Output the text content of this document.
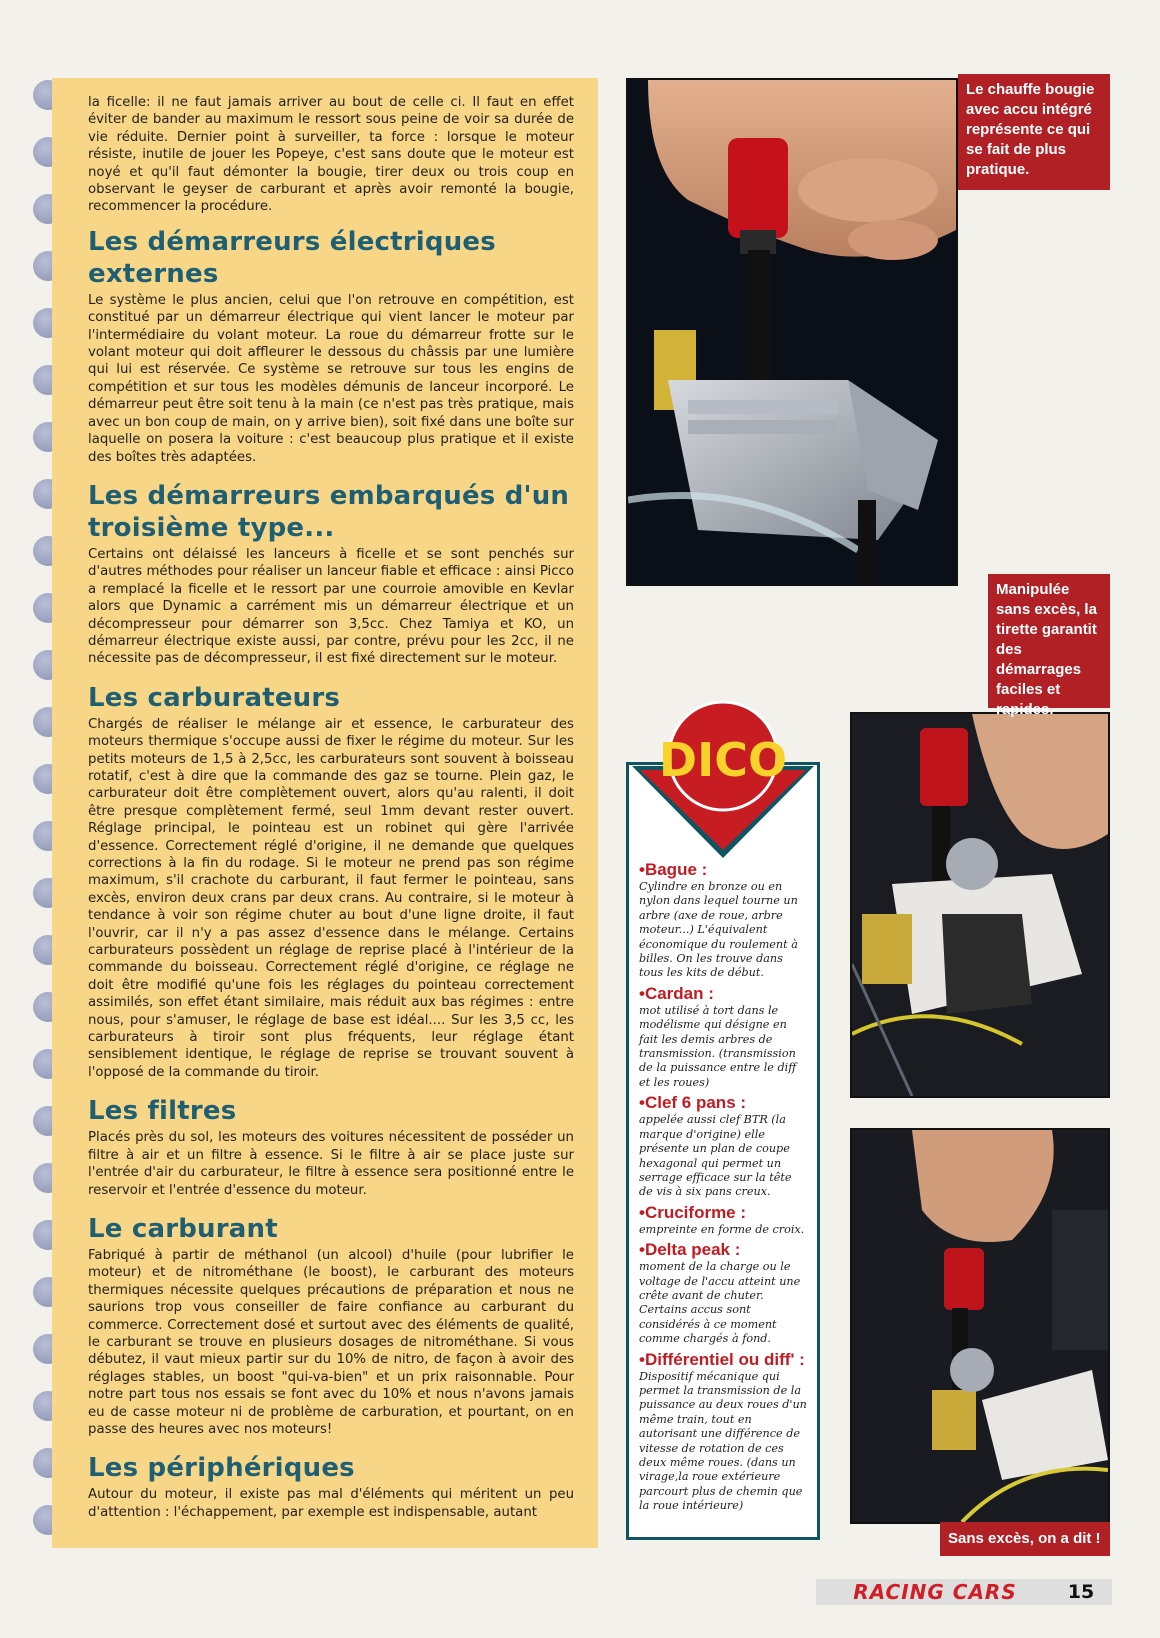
la ficelle: il ne faut jamais arriver au bout de celle ci. Il faut en effet éviter de bander au maximum le ressort sous peine de voir sa durée de vie réduite. Dernier point à surveiller, ta force : lorsque le moteur résiste, inutile de jouer les Popeye, c'est sans doute que le moteur est noyé et qu'il faut démonter la bougie, tirer deux ou trois coup en observant le geyser de carburant et après avoir remonté la bougie, recommencer la procédure.

Les démarreurs électriques externes

Le système le plus ancien, celui que l'on retrouve en compétition, est constitué par un démarreur électrique qui vient lancer le moteur par l'intermédiaire du volant moteur. La roue du démarreur frotte sur le volant moteur qui doit affleurer le dessous du châssis par une lumière qui lui est réservée. Ce système se retrouve sur tous les engins de compétition et sur tous les modèles démunis de lanceur incorporé. Le démarreur peut être soit tenu à la main (ce n'est pas très pratique, mais avec un bon coup de main, on y arrive bien), soit fixé dans une boîte sur laquelle on posera la voiture : c'est beaucoup plus pratique et il existe des boîtes très adaptées.

Les démarreurs embarqués d'un troisième type...

Certains ont délaissé les lanceurs à ficelle et se sont penchés sur d'autres méthodes pour réaliser un lanceur fiable et efficace : ainsi Picco a remplacé la ficelle et le ressort par une courroie amovible en Kevlar alors que Dynamic a carrément mis un démarreur électrique et un décompresseur pour démarrer son 3,5cc. Chez Tamiya et KO, un démarreur électrique existe aussi, par contre, prévu pour les 2cc, il ne nécessite pas de décompresseur, il est fixé directement sur le moteur.

Les carburateurs

Chargés de réaliser le mélange air et essence, le carburateur des moteurs thermique s'occupe aussi de fixer le régime du moteur. Sur les petits moteurs de 1,5 à 2,5cc, les carburateurs sont souvent à boisseau rotatif, c'est à dire que la commande des gaz se tourne. Plein gaz, le carburateur doit être complètement ouvert, alors qu'au ralenti, il doit être presque complètement fermé, seul 1mm devant rester ouvert. Réglage principal, le pointeau est un robinet qui gère l'arrivée d'essence. Correctement réglé d'origine, il ne demande que quelques corrections à la fin du rodage. Si le moteur ne prend pas son régime maximum, s'il crachote du carburant, il faut fermer le pointeau, sans excès, environ deux crans par deux crans. Au contraire, si le moteur à tendance à voir son régime chuter au bout d'une ligne droite, il faut l'ouvrir, car il n'y a pas assez d'essence dans le mélange. Certains carburateurs possèdent un réglage de reprise placé à l'intérieur de la commande du boisseau. Correctement réglé d'origine, ce réglage ne doit être modifié qu'une fois les réglages du pointeau correctement assimilés, son effet étant similaire, mais réduit aux bas régimes : entre nous, pour s'amuser, le réglage de base est idéal.... Sur les 3,5 cc, les carburateurs à tiroir sont plus fréquents, leur réglage étant sensiblement identique, le réglage de reprise se trouvant souvent à l'opposé de la commande du tiroir.

Les filtres

Placés près du sol, les moteurs des voitures nécessitent de posséder un filtre à air et un filtre à essence. Si le filtre à air se place juste sur l'entrée d'air du carburateur, le filtre à essence sera positionné entre le reservoir et l'entrée d'essence du moteur.

Le carburant

Fabriqué à partir de méthanol (un alcool) d'huile (pour lubrifier le moteur) et de nitrométhane (le boost), le carburant des moteurs thermiques nécessite quelques précautions de préparation et nous ne saurions trop vous conseiller de faire confiance au carburant du commerce. Correctement dosé et surtout avec des éléments de qualité, le carburant se trouve en plusieurs dosages de nitrométhane. Si vous débutez, il vaut mieux partir sur du 10% de nitro, de façon à avoir des réglages stables, un boost "qui-va-bien" et un prix raisonnable. Pour notre part tous nos essais se font avec du 10% et nous n'avons jamais eu de casse moteur ni de problème de carburation, et pourtant, on en passe des heures avec nos moteurs!

Les périphériques

Autour du moteur, il existe pas mal d'éléments qui méritent un peu d'attention : l'échappement, par exemple est indispensable, autant

Le chauffe bougie avec accu intégré représente ce qui se fait de plus pratique.
Manipulée sans excès, la tirette garantit des démarrages faciles et rapides.
Sans excès, on a dit !
•Bague :

Cylindre en bronze ou en nylon dans lequel tourne un arbre (axe de roue, arbre moteur...) L'équivalent économique du roulement à billes. On les trouve dans tous les kits de début.

•Cardan :

mot utilisé à tort dans le modélisme qui désigne en fait les demis arbres de transmission. (transmission de la puissance entre le diff et les roues)

•Clef 6 pans :

appelée aussi clef BTR (la marque d'origine) elle présente un plan de coupe hexagonal qui permet un serrage efficace sur la tête de vis à six pans creux.

•Cruciforme :

empreinte en forme de croix.

•Delta peak :

moment de la charge ou le voltage de l'accu atteint une crête avant de chuter. Certains accus sont considérés à ce moment comme chargés à fond.

•Différentiel ou diff' :

Dispositif mécanique qui permet la transmission de la puissance au deux roues d'un même train, tout en autorisant une différence de vitesse de rotation de ces deux même roues. (dans un virage,la roue extérieure parcourt plus de chemin que la roue intérieure)

DICO
RACING CARS	15
